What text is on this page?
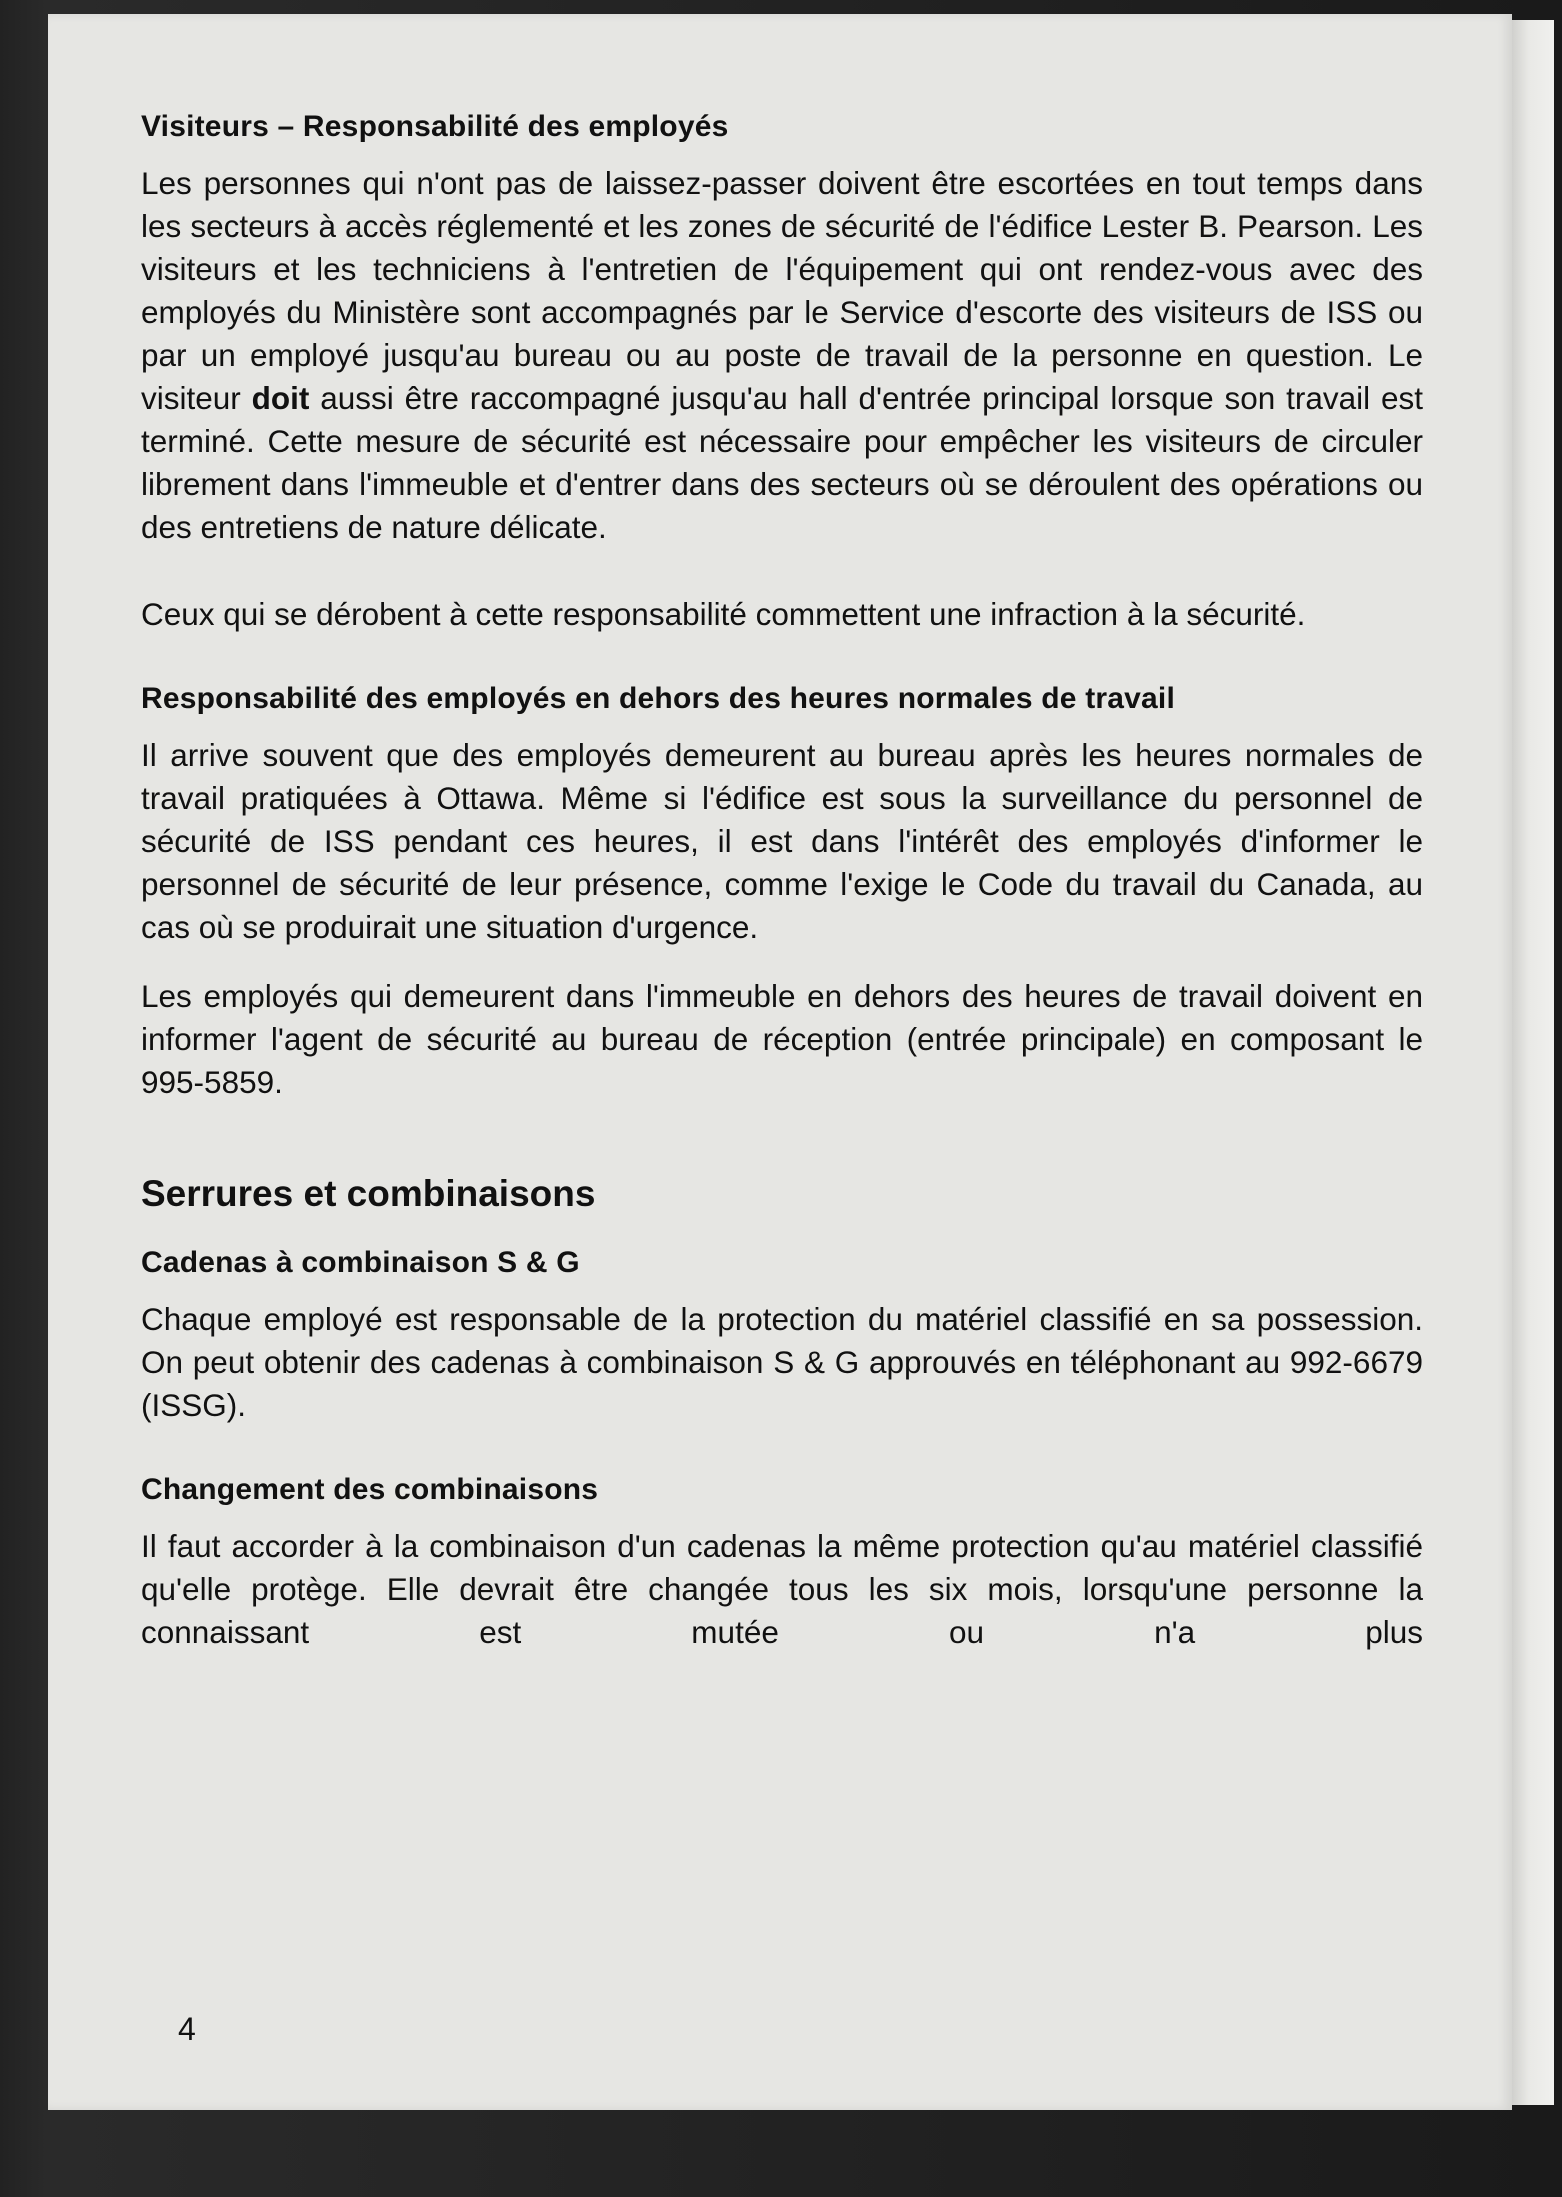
Visiteurs – Responsabilité des employés

Les personnes qui n'ont pas de laissez-passer doivent être escortées en tout temps dans les secteurs à accès réglementé et les zones de sécurité de l'édifice Lester B. Pearson. Les visiteurs et les techniciens à l'entretien de l'équipement qui ont rendez-vous avec des employés du Ministère sont accompagnés par le Service d'escorte des visiteurs de ISS ou par un employé jusqu'au bureau ou au poste de travail de la personne en question. Le visiteur doit aussi être raccompagné jusqu'au hall d'entrée principal lorsque son travail est terminé. Cette mesure de sécurité est nécessaire pour empêcher les visiteurs de circuler librement dans l'immeuble et d'entrer dans des secteurs où se déroulent des opérations ou des entretiens de nature délicate.

Ceux qui se dérobent à cette responsabilité commettent une infraction à la sécurité.

Responsabilité des employés en dehors des heures normales de travail

Il arrive souvent que des employés demeurent au bureau après les heures normales de travail pratiquées à Ottawa. Même si l'édifice est sous la surveillance du personnel de sécurité de ISS pendant ces heures, il est dans l'intérêt des employés d'informer le personnel de sécurité de leur présence, comme l'exige le Code du travail du Canada, au cas où se produirait une situation d'urgence.

Les employés qui demeurent dans l'immeuble en dehors des heures de travail doivent en informer l'agent de sécurité au bureau de réception (entrée principale) en composant le 995-5859.

Serrures et combinaisons
Cadenas à combinaison S & G

Chaque employé est responsable de la protection du matériel classifié en sa possession. On peut obtenir des cadenas à combinaison S & G approuvés en téléphonant au 992-6679 (ISSG).

Changement des combinaisons

Il faut accorder à la combinaison d'un cadenas la même protection qu'au matériel classifié qu'elle protège. Elle devrait être changée tous les six mois, lorsqu'une personne la connaissant est mutée ou n'a plus

4
